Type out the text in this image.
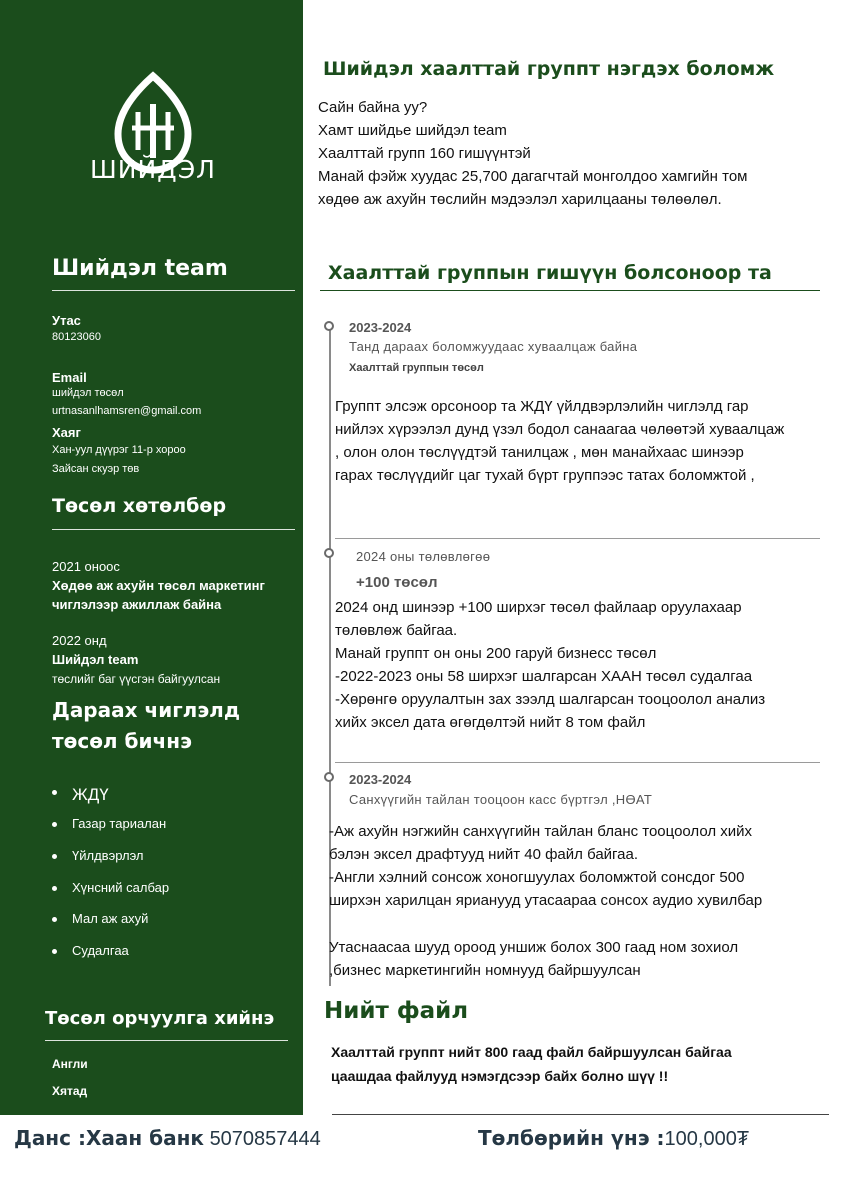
ШИЙДЭЛ
Шийдэл team
Утас
80123060
Email
шийдэл төсөл
urtnasanlhamsren@gmail.com
Хаяг
Хан-уул дүүрэг 11-р хороо
Зайсан скуэр төв
Төсөл хөтөлбөр
2021 оноос
Хөдөө аж ахуйн төсөл маркетинг чиглэлээр ажиллаж байна
2022 онд
Шийдэл team
төслийг баг үүсгэн байгуулсан
Дараах чиглэлд төсөл бичнэ
ЖДҮ
Газар тариалан
Үйлдвэрлэл
Хүнсний салбар
Мал аж ахуй
Судалгаа
Төсөл орчуулга хийнэ
Англи
Хятад
Шийдэл хаалттай группт нэгдэх боломж
Сайн байна уу?
Хамт шийдье шийдэл team
Хаалттай групп 160 гишүүнтэй
Манай фэйж хуудас 25,700 дагагчтай монголдоо хамгийн том
хөдөө аж ахуйн төслийн мэдээлэл харилцааны төлөөлөл.
Хаалттай группын гишүүн болсоноор та
2023-2024
Танд дараах боломжуудаас хуваалцаж байна
Хаалттай группын төсөл
Группт элсэж орсоноор та ЖДҮ үйлдвэрлэлийн чиглэлд гар
нийлэх хүрээлэл дунд үзэл бодол санаагаа чөлөөтэй хуваалцаж
, олон олон төслүүдтэй танилцаж , мөн манайхаас шинээр
гарах төслүүдийг цаг тухай бүрт группээс татах боломжтой ,
2024 оны төлөвлөгөө
+100 төсөл
2024 онд шинээр +100 ширхэг төсөл файлаар оруулахаар
төлөвлөж байгаа.
Манай группт он оны 200 гаруй бизнесс төсөл
-2022-2023 оны 58 ширхэг шалгарсан ХААН төсөл судалгаа
-Хөрөнгө оруулалтын зах зээлд шалгарсан тооцоолол анализ
хийх эксел дата өгөгдөлтэй нийт 8 том файл
2023-2024
Санхүүгийн тайлан тооцоон касс бүртгэл ,НӨАТ
-Аж ахуйн нэгжийн санхүүгийн тайлан бланс тооцоолол хийх
бэлэн эксел драфтууд нийт 40 файл байгаа.
-Англи хэлний сонсож хоногшуулах боломжтой сонсдог 500
ширхэн харилцан ярианууд утасаараа сонсох аудио хувилбар
Утаснаасаа шууд ороод уншиж болох 300 гаад ном зохиол
,бизнес маркетингийн номнууд байршуулсан
Нийт файл
Хаалттай группт нийт 800 гаад файл байршуулсан байгаа
цаашдаа файлууд нэмэгдсээр байх болно шүү !!
Данс :Хаан банк 5070857444	Төлбөрийн үнэ :100,000₮
